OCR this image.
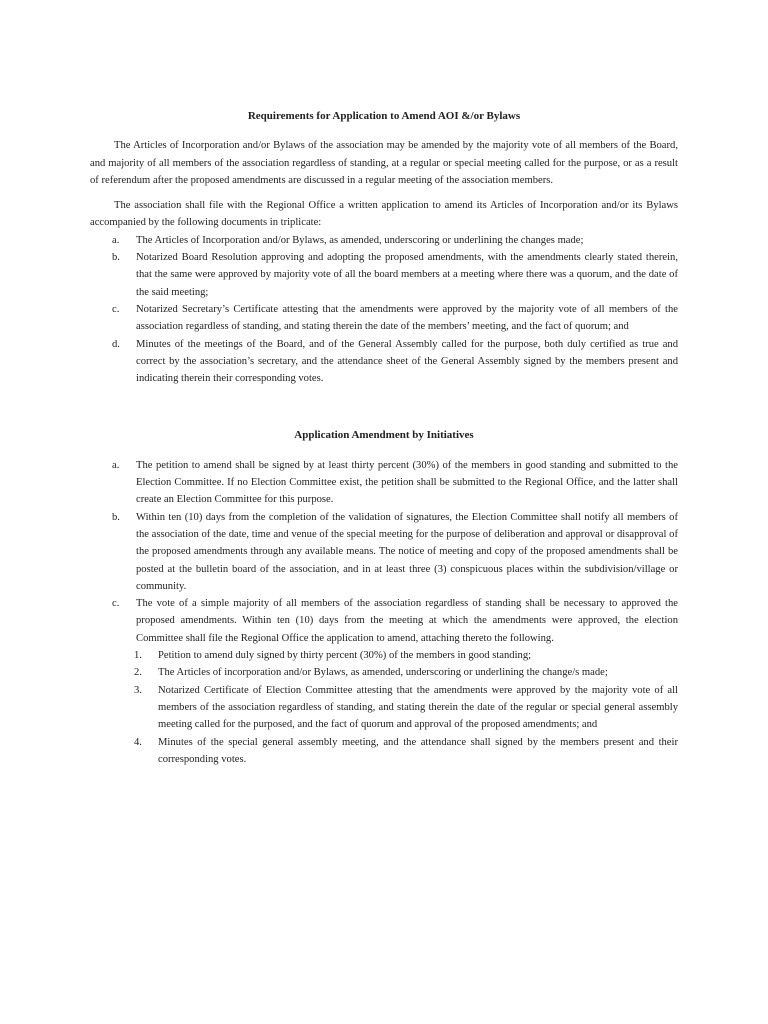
Requirements for Application to Amend AOI &/or Bylaws

The Articles of Incorporation and/or Bylaws of the association may be amended by the majority vote of all members of the Board, and majority of all members of the association regardless of standing, at a regular or special meeting called for the purpose, or as a result of referendum after the proposed amendments are discussed in a regular meeting of the association members.

The association shall file with the Regional Office a written application to amend its Articles of Incorporation and/or its Bylaws accompanied by the following documents in triplicate:

a. The Articles of Incorporation and/or Bylaws, as amended, underscoring or underlining the changes made;
b. Notarized Board Resolution approving and adopting the proposed amendments, with the amendments clearly stated therein, that the same were approved by majority vote of all the board members at a meeting where there was a quorum, and the date of the said meeting;
c. Notarized Secretary’s Certificate attesting that the amendments were approved by the majority vote of all members of the association regardless of standing, and stating therein the date of the members’ meeting, and the fact of quorum; and
d. Minutes of the meetings of the Board, and of the General Assembly called for the purpose, both duly certified as true and correct by the association’s secretary, and the attendance sheet of the General Assembly signed by the members present and indicating therein their corresponding votes.
Application Amendment by Initiatives
a. The petition to amend shall be signed by at least thirty percent (30%) of the members in good standing and submitted to the Election Committee. If no Election Committee exist, the petition shall be submitted to the Regional Office, and the latter shall create an Election Committee for this purpose.
b. Within ten (10) days from the completion of the validation of signatures, the Election Committee shall notify all members of the association of the date, time and venue of the special meeting for the purpose of deliberation and approval or disapproval of the proposed amendments through any available means. The notice of meeting and copy of the proposed amendments shall be posted at the bulletin board of the association, and in at least three (3) conspicuous places within the subdivision/village or community.
c. The vote of a simple majority of all members of the association regardless of standing shall be necessary to approved the proposed amendments. Within ten (10) days from the meeting at which the amendments were approved, the election Committee shall file the Regional Office the application to amend, attaching thereto the following.
1. Petition to amend duly signed by thirty percent (30%) of the members in good standing;
2. The Articles of incorporation and/or Bylaws, as amended, underscoring or underlining the change/s made;
3. Notarized Certificate of Election Committee attesting that the amendments were approved by the majority vote of all members of the association regardless of standing, and stating therein the date of the regular or special general assembly meeting called for the purposed, and the fact of quorum and approval of the proposed amendments; and
4. Minutes of the special general assembly meeting, and the attendance shall signed by the members present and their corresponding votes.
